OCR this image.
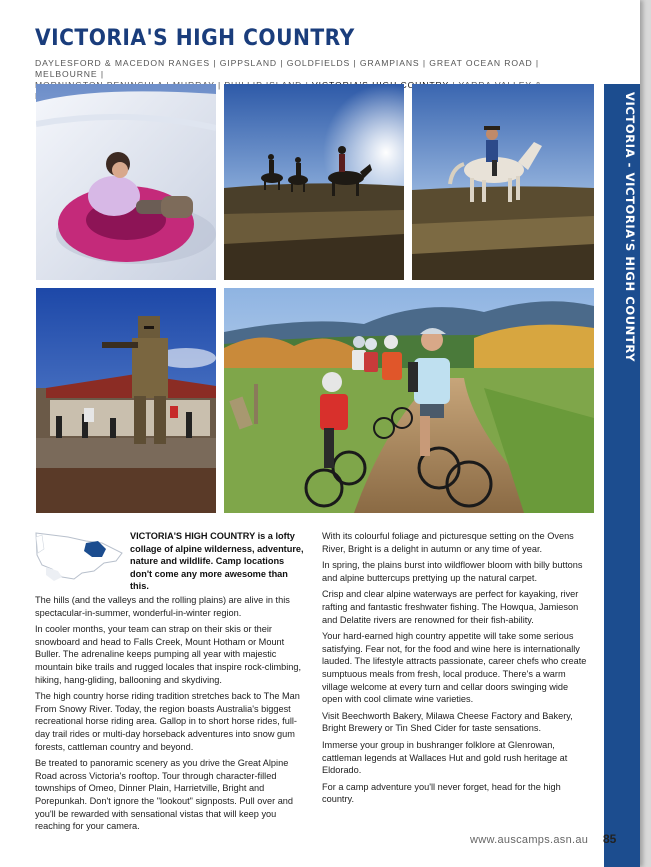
VICTORIA'S HIGH COUNTRY
DAYLESFORD & MACEDON RANGES | GIPPSLAND | GOLDFIELDS | GRAMPIANS | GREAT OCEAN ROAD | MELBOURNE |
|
VICTORIA - VICTORIA'S HIGH COUNTRY

VICTORIA'S HIGH COUNTRY is a lofty collage of alpine wilderness, adventure, nature and wildlife. Camp locations don't come any more awesome than this.

The hills (and the valleys and the rolling plains) are alive in this spectacular-in-summer, wonderful-in-winter region.

In cooler months, your team can strap on their skis or their snowboard and head to Falls Creek, Mount Hotham or Mount Buller. The adrenaline keeps pumping all year with majestic mountain bike trails and rugged locales that inspire rock-climbing, hiking, hang-gliding, ballooning and skydiving.

The high country horse riding tradition stretches back to The Man From Snowy River. Today, the region boasts Australia's biggest recreational horse riding area. Gallop in to short horse rides, full-day trail rides or multi-day horseback adventures into snow gum forests, cattleman country and beyond.

Be treated to panoramic scenery as you drive the Great Alpine Road across Victoria's rooftop. Tour through character-filled townships of Omeo, Dinner Plain, Harrietville, Bright and Porepunkah. Don't ignore the "lookout" signposts. Pull over and you'll be rewarded with sensational vistas that will keep you reaching for your camera.

With its colourful foliage and picturesque setting on the Ovens River, Bright is a delight in autumn or any time of year.

In spring, the plains burst into wildflower bloom with billy buttons and alpine buttercups prettying up the natural carpet.

Crisp and clear alpine waterways are perfect for kayaking, river rafting and fantastic freshwater fishing. The Howqua, Jamieson and Delatite rivers are renowned for their fish-ability.

Your hard-earned high country appetite will take some serious satisfying. Fear not, for the food and wine here is internationally lauded. The lifestyle attracts passionate, career chefs who create sumptuous meals from fresh, local produce. There's a warm village welcome at every turn and cellar doors swinging wide open with cool climate wine varieties.

Visit Beechworth Bakery, Milawa Cheese Factory and Bakery, Bright Brewery or Tin Shed Cider for taste sensations.

Immerse your group in bushranger folklore at Glenrowan, cattleman legends at Wallaces Hut and gold rush heritage at Eldorado.

For a camp adventure you'll never forget, head for the high country.

www.auscamps.asn.au 85
